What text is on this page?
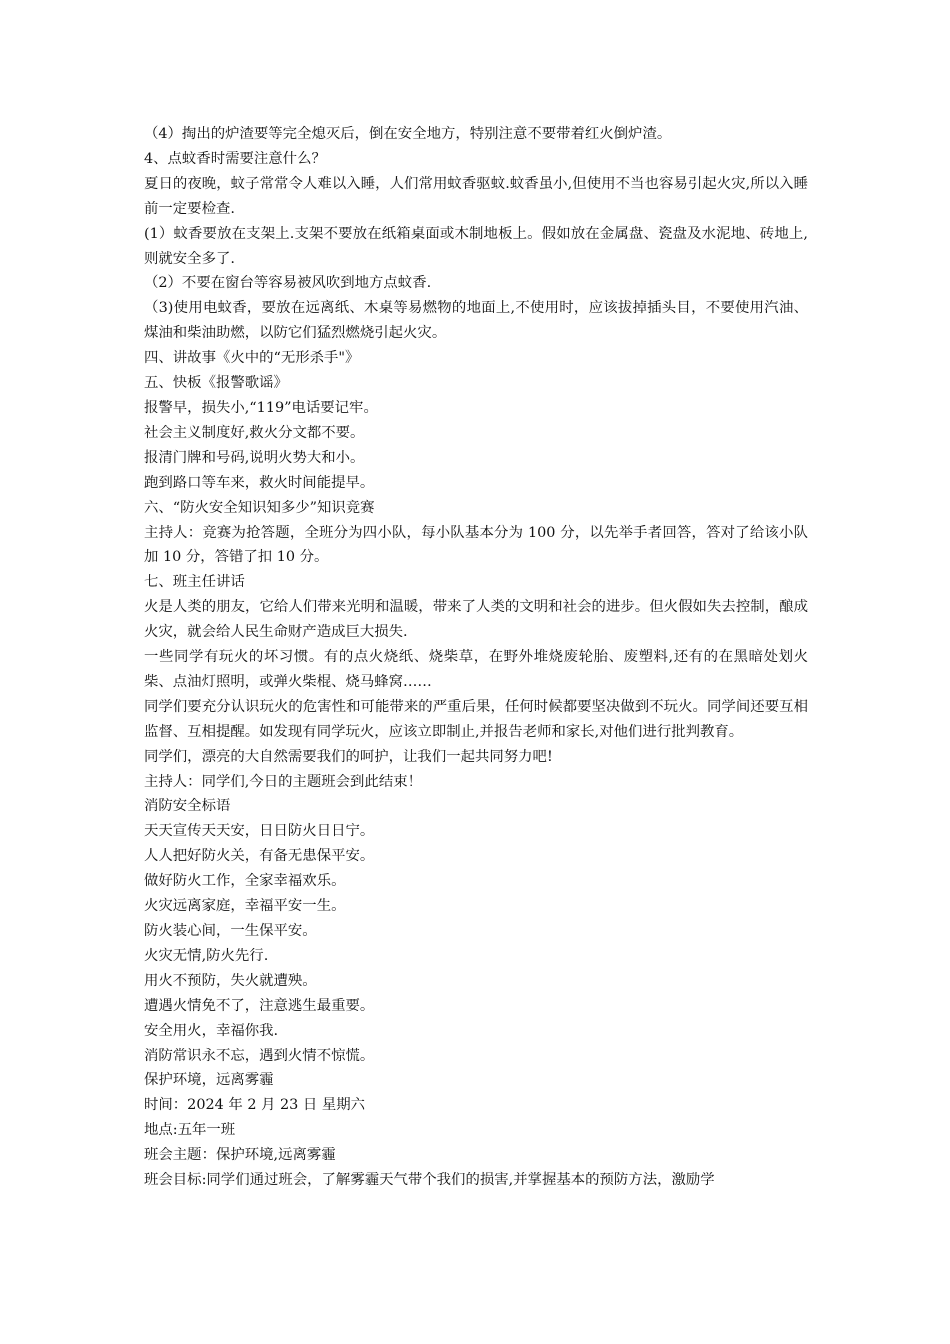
（4）掏出的炉渣要等完全熄灭后，倒在安全地方，特别注意不要带着红火倒炉渣。

4、点蚊香时需要注意什么？

夏日的夜晚，蚊子常常令人难以入睡，人们常用蚊香驱蚊.蚊香虽小,但使用不当也容易引起火灾,所以入睡前一定要检查.

(1）蚊香要放在支架上.支架不要放在纸箱桌面或木制地板上。假如放在金属盘、瓷盘及水泥地、砖地上,则就安全多了.

（2）不要在窗台等容易被风吹到地方点蚊香.

（3)使用电蚊香，要放在远离纸、木桌等易燃物的地面上,不使用时，应该拔掉插头目，不要使用汽油、煤油和柴油助燃，以防它们猛烈燃烧引起火灾。

四、讲故事《火中的“无形杀手"》

五、快板《报警歌谣》

报警早，损失小,“119”电话要记牢。

社会主义制度好,救火分文都不要。

报清门牌和号码,说明火势大和小。

跑到路口等车来，救火时间能提早。

六、“防火安全知识知多少”知识竞赛

主持人：竞赛为抢答题，全班分为四小队，每小队基本分为 100 分，以先举手者回答，答对了给该小队加 10 分，答错了扣 10 分。

七、班主任讲话

火是人类的朋友，它给人们带来光明和温暖，带来了人类的文明和社会的进步。但火假如失去控制，酿成火灾，就会给人民生命财产造成巨大损失.

一些同学有玩火的坏习惯。有的点火烧纸、烧柴草，在野外堆烧废轮胎、废塑料,还有的在黑暗处划火柴、点油灯照明，或弹火柴棍、烧马蜂窝……

同学们要充分认识玩火的危害性和可能带来的严重后果，任何时候都要坚决做到不玩火。同学间还要互相监督、互相提醒。如发现有同学玩火，应该立即制止,并报告老师和家长,对他们进行批判教育。

同学们，漂亮的大自然需要我们的呵护，让我们一起共同努力吧!

主持人：同学们,今日的主题班会到此结束！

消防安全标语

天天宣传天天安，日日防火日日宁。

人人把好防火关，有备无患保平安。

做好防火工作，全家幸福欢乐。

火灾远离家庭，幸福平安一生。

防火装心间，一生保平安。

火灾无情,防火先行.

用火不预防，失火就遭殃。

遭遇火情免不了，注意逃生最重要。

安全用火，幸福你我.

消防常识永不忘，遇到火情不惊慌。

保护环境，远离雾霾

时间：2024 年 2 月 23 日 星期六

地点:五年一班

班会主题：保护环境,远离雾霾

班会目标:同学们通过班会，了解雾霾天气带个我们的损害,并掌握基本的预防方法，激励学
